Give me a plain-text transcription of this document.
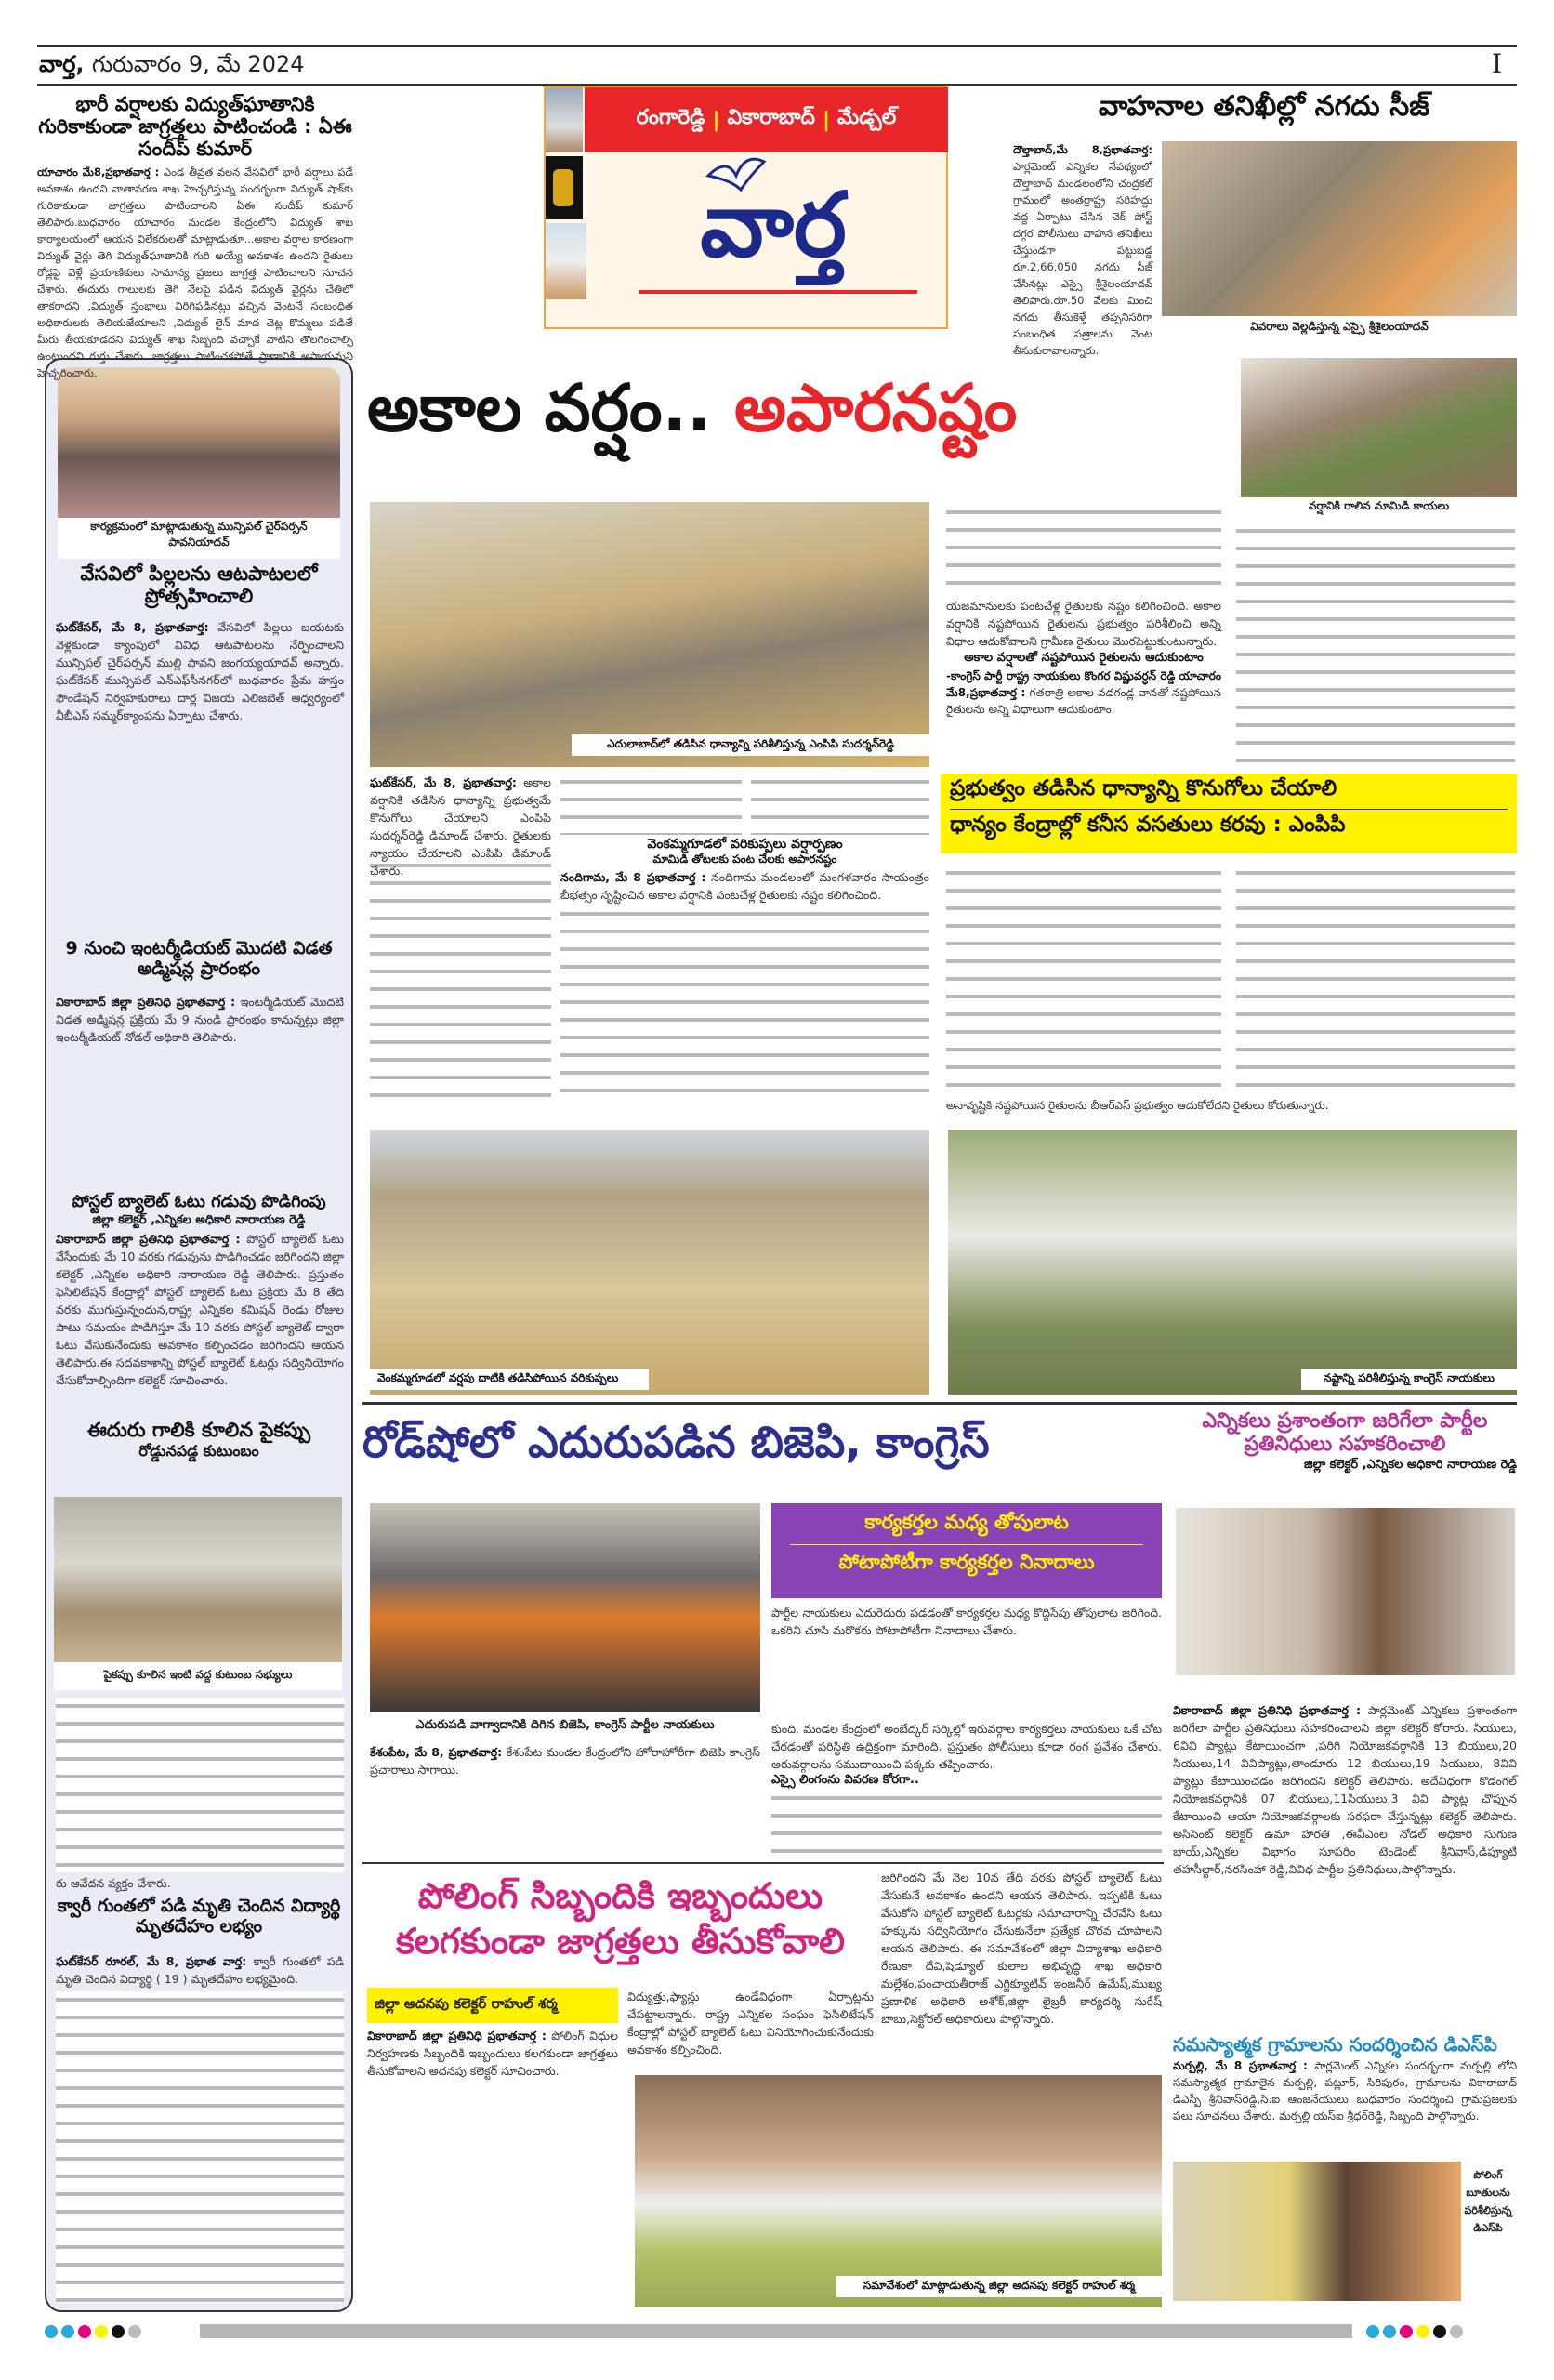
వార్త, గురువారం 9, మే 2024	I
భారీ వర్షాలకు విద్యుత్‌ఘాతానికి గురికాకుండా జాగ్రత్తలు పాటించండి : ఏఈ సందీప్ కుమార్
యాచారం మే8,ప్రభాతవార్త : ఎండ తీవ్రత వలన వేసవిలో భారీ వర్షాలు పడే అవకాశం ఉందని వాతావరణ శాఖ హెచ్చరిస్తున్న సందర్భంగా విద్యుత్ షాక్‌కు గురికాకుండా జాగ్రత్తలు పాటించాలని ఏఈ సందీప్ కుమార్ తెలిపారు.బుధవారం యాచారం మండల కేంద్రంలోని విద్యుత్ శాఖ కార్యాలయంలో ఆయన విలేకరులతో మాట్లాడుతూ...అకాల వర్షాల కారణంగా విద్యుత్ వైర్లు తెగి విద్యుత్‌ఘాతానికి గురి అయ్యే అవకాశం ఉందని రైతులు రోడ్లపై వెళ్లే ప్రయాణికులు సామాన్య ప్రజలు జాగ్రత్త పాటించాలని సూచన చేశారు. ఈదురు గాలులకు తెగి నేలపై పడిన విద్యుత్ వైర్లను చేతిలో తాకరాదని ,విద్యుత్ స్తంభాలు విరిగిపడినట్లు వచ్చిన వెంటనే సంబంధిత అధికారులకు తెలియజేయాలని ,విద్యుత్ లైన్ మాద చెట్ల కొమ్మలు పడితే మీరు తీయకూడదని విద్యుత్ శాఖ సిబ్బంది వచ్చాకే వాటిని తొలగించాల్సి ఉంటుందని గుర్తు చేశారు. జాగ్రత్తలు పాటించకపోతే ప్రాణానికి అపాయమని హెచ్చరించారు.
రంగారెడ్డి | వికారాబాద్ | మేడ్చల్
వార్త
వాహనాల తనిఖీల్లో నగదు సీజ్
దౌల్తాబాద్,మే 8,ప్రభాతవార్త: పార్లమెంట్ ఎన్నికల నేపథ్యంలో దౌల్తాబాద్ మండలంలోని చంద్రకల్ గ్రామంలో అంతర్రాష్ట్ర సరిహద్దు వద్ద ఏర్పాటు చేసిన చెక్ పోస్ట్ దగ్గర పోలీసులు వాహన తనిఖీలు చేస్తుండగా పట్టుబడ్డ రూ.2,66,050 నగదు సీజ్ చేసినట్లు ఎస్సై శ్రీశైలంయాదవ్ తెలిపారు.రూ.50 వేలకు మించి నగదు తీసుకెళ్తే తప్పనిసరిగా సంబంధిత పత్రాలను వెంట తీసుకురావాలన్నారు.
వివరాలు వెల్లడిస్తున్న ఎస్సై శ్రీశైలంయాదవ్
కార్యక్రమంలో మాట్లాడుతున్న మున్సిపల్ చైర్‌పర్సన్ పావనియాదవ్
వేసవిలో పిల్లలను ఆటపాటలలో ప్రోత్సహించాలి
ఘట్‌కేసర్, మే 8, ప్రభాతవార్త: వేసవిలో పిల్లలు బయటకు వెళ్లకుండా క్యాంపులో వివిధ ఆటపాటలను నేర్పించాలని మున్సిపల్ చైర్‌పర్సన్ ముల్లి పావని జంగయ్యయాదవ్ అన్నారు. ఘట్‌కేసర్ మున్సిపల్ ఎన్‌ఎఫ్‌సీనగర్‌లో బుధవారం ప్రేమ హస్తం ఫౌండేషన్ నిర్వహకురాలు దార్ల విజయ ఎలిజబెత్ ఆధ్వర్యంలో వీబీఎస్ సమ్మర్‌క్యాంపను ఏర్పాటు చేశారు.
9 నుంచి ఇంటర్మీడియట్ మొదటి విడత అడ్మిషన్ల ప్రారంభం
వికారాబాద్ జిల్లా ప్రతినిధి ప్రభాతవార్త : ఇంటర్మీడియట్ మొదటి విడత అడ్మిషన్ల ప్రక్రియ మే 9 నుండి ప్రారంభం కానున్నట్లు జిల్లా ఇంటర్మీడియట్ నోడల్ అధికారి తెలిపారు.
పోస్టల్ బ్యాలెట్ ఓటు గడువు పొడిగింపు
జిల్లా కలెక్టర్ ,ఎన్నికల అధికారి నారాయణ రెడ్డి
వికారాబాద్ జిల్లా ప్రతినిధి ప్రభాతవార్త : పోస్టల్ బ్యాలెట్ ఓటు వేసేందుకు మే 10 వరకు గడువును పొడిగించడం జరిగిందని జిల్లా కలెక్టర్ ,ఎన్నికల అధికారి నారాయణ రెడ్డి తెలిపారు. ప్రస్తుతం ఫెసిలిటేషన్ కేంద్రాల్లో పోస్టల్ బ్యాలెట్ ఓటు ప్రక్రియ మే 8 తేది వరకు ముగుస్తున్నందున,రాష్ట్ర ఎన్నికల కమిషన్ రెండు రోజుల పాటు సమయం పొడిగిస్తూ మే 10 వరకు పోస్టల్ బ్యాలెట్ ద్వారా ఓటు వేసుకునేందుకు అవకాశం కల్పించడం జరిగిందని ఆయన తెలిపారు.ఈ సదవకాశాన్ని పోస్టల్ బ్యాలెట్ ఓటర్లు సద్వినియోగం చేసుకోవాల్సిందిగా కలెక్టర్ సూచించారు.
ఈదురు గాలికి కూలిన పైకప్పు
రోడ్డునపడ్డ కుటుంబం
పైకప్పు కూలిన ఇంటి వద్ద కుటుంబ సభ్యులు
రు ఆవేదన వ్యక్తం చేశారు.
క్వారీ గుంతలో పడి మృతి చెందిన విద్యార్థి మృతదేహం లభ్యం
ఘట్‌కేసర్ రూరల్, మే 8, ప్రభాత వార్త: క్వారీ గుంతలో పడి మృతి చెందిన విద్యార్థి ( 19 ) మృతదేహం లభ్యమైంది.
అకాల వర్షం.. అపారనష్టం
వర్షానికి రాలిన మామిడి కాయలు
ఎదులాబాద్‌లో తడిసిన ధాన్యాన్ని పరిశీలిస్తున్న ఎంపిపి సుదర్శన్‌రెడ్డి
ఘట్‌కేసర్, మే 8, ప్రభాతవార్త: అకాల వర్షానికి తడిసిన ధాన్యాన్ని ప్రభుత్వమే కొనుగోలు చేయాలని ఎంపిపి సుదర్శన్‌రెడ్డి డిమాండ్ చేశారు. రైతులకు న్యాయం చేయాలని ఎంపిపి డిమాండ్ చేశారు.
వెంకమ్మగూడలో వరికుప్పలు వర్షార్పణం
మామిడి తోటలకు పంట చేలకు అపారనష్టం
నందిగామ, మే 8 ప్రభాతవార్త : నందిగామ మండలంలో మంగళవారం సాయంత్రం బీభత్సం సృష్టించిన అకాల వర్షానికి పంటచేళ్ల రైతులకు నష్టం కలిగించింది.
యజమానులకు పంటచేళ్ల రైతులకు నష్టం కలిగించింది. అకాల వర్షానికి నష్టపోయిన రైతులను ప్రభుత్వం పరిశీలించి అన్ని విధాల ఆదుకోవాలని గ్రామీణ రైతులు మొరపెట్టుకుంటున్నారు.
అకాల వర్షాలతో నష్టపోయిన రైతులను ఆదుకుంటాం
-కాంగ్రెస్ పార్టీ రాష్ట్ర నాయకులు కొంగర విష్ణువర్ధన్ రెడ్డి యాచారం మే8,ప్రభాతవార్త : గతరాత్రి అకాల వడగండ్ల వానతో నష్టపోయిన రైతులను అన్ని విధాలుగా ఆదుకుంటాం.
ప్రభుత్వం తడిసిన ధాన్యాన్ని కొనుగోలు చేయాలి
ధాన్యం కేంద్రాల్లో కనీస వసతులు కరవు : ఎంపిపి
అనావృష్టికి నష్టపోయిన రైతులను బీఆర్ఎస్ ప్రభుత్వం ఆదుకోలేదని రైతులు కోరుతున్నారు.
వెంకమ్మగూడలో వర్షపు దాటికి తడిసిపోయిన వరికుప్పలు	నష్టాన్ని పరిశీలిస్తున్న కాంగ్రెస్ నాయకులు
రోడ్‌షోలో ఎదురుపడిన బిజెపి, కాంగ్రెస్
ఎదురుపడి వాగ్వాదానికి దిగిన బిజెపి, కాంగ్రెస్ పార్టీల నాయకులు
కార్యకర్తల మధ్య తోపులాట
పోటాపోటీగా కార్యకర్తల నినాదాలు
పార్టీల నాయకులు ఎదురెదురు పడడంతో కార్యకర్తల మధ్య కొద్దిసేపు తోపులాట జరిగింది. ఒకరిని చూసి మరొకరు పోటాపోటీగా నినాదాలు చేశారు.
కేశంపేట, మే 8, ప్రభాతవార్త: కేశంపేట మండల కేంద్రంలోని హోరాహోరీగా బిజెపి కాంగ్రెస్ ప్రచారాలు సాగాయి.
కుంది. మండల కేంద్రంలో అంబేద్కర్ సర్కిల్లో ఇరువర్గాల కార్యకర్తలు నాయకులు ఒకే చోట చేరడంతో పరిస్థితి ఉద్రిక్తంగా మారింది. ప్రస్తుతం పోలీసులు కూడా రంగ ప్రవేశం చేశారు. అరువర్గాలను సముదాయించి పక్కకు తప్పించారు.
ఎస్సై లింగంను వివరణ కోరగా..
ఎన్నికలు ప్రశాంతంగా జరిగేలా పార్టీల ప్రతినిధులు సహకరించాలి
జిల్లా కలెక్టర్ ,ఎన్నికల అధికారి నారాయణ రెడ్డి
వికారాబాద్ జిల్లా ప్రతినిధి ప్రభాతవార్త : పార్లమెంట్ ఎన్నికలు ప్రశాంతంగా జరిగేలా పార్టీల ప్రతినిధులు సహకరించాలని జిల్లా కలెక్టర్ కోరారు. సియులు, 6వివి ప్యాట్లు కేటాయించగా ,పరిగి నియోజకవర్గానికి 13 బియులు,20 సియులు,14 వివిప్యాట్లు,తాండూరు 12 బియులు,19 సియులు, 8వివి ప్యాట్లు కేటాయించడం జరిగిందని కలెక్టర్ తెలిపారు. అదేవిధంగా కొడంగల్ నియోజకవర్గానికి 07 బియులు,11సియులు,3 వివి ప్యాట్ల చొప్పున కేటాయించి ఆయా నియోజకవర్గాలకు సరఫరా చేస్తున్నట్లు కలెక్టర్ తెలిపారు. అసిసెంట్ కలెక్టర్ ఉమా హారతి ,ఈవీఎంల నోడల్ అధికారి సుగుణ బాయ్,ఎన్నికల విభాగం సూపరిం టెండెంట్ శ్రీనివాస్,డిప్యూటి తహసీల్దార్,నరసింహా రెడ్డి,వివిధ పార్టీల ప్రతినిధులు,పాల్గొన్నారు.
పోలింగ్ సిబ్బందికి ఇబ్బందులు కలగకుండా జాగ్రత్తలు తీసుకోవాలి
జిల్లా అదనపు కలెక్టర్ రాహుల్ శర్మ
వికారాబాద్ జిల్లా ప్రతినిధి ప్రభాతవార్త : పోలింగ్ విధుల నిర్వహణకు సిబ్బందికి ఇబ్బందులు కలగకుండా జాగ్రత్తలు తీసుకోవాలని అదనపు కలెక్టర్ సూచించారు.
విద్యుత్తు,ఫ్యాన్లు ఉండేవిధంగా ఏర్పాట్లను చేపట్టాలన్నారు. రాష్ట్ర ఎన్నికల సంఘం ఫెసిలిటేషన్ కేంద్రాల్లో పోస్టల్ బ్యాలెట్ ఓటు వినియోగించుకునేందుకు అవకాశం కల్పించింది.
జరిగిందని మే నెల 10వ తేది వరకు పోస్టల్ బ్యాలెట్ ఓటు వేసుకునే అవకాశం ఉందని ఆయన తెలిపారు. ఇప్పటికి ఓటు వేసుకోని పోస్టల్ బ్యాలెట్ ఓటర్లకు సమాచారాన్ని చేరవేసి ఓటు హక్కును సద్వినియోగం చేసుకునేలా ప్రత్యేక చొరవ చూపాలని ఆయన తెలిపారు. ఈ సమావేశంలో జిల్లా విద్యాశాఖ అధికారి రేణుకా దేవి,షెడ్యూల్ కులాల అభివృద్ధి శాఖ అధికారి మల్లేశం,పంచాయతీరాజ్ ఎగ్జిక్యూటివ్ ఇంజనీర్ ఉమేష్,ముఖ్య ప్రణాళిక అధికారి అశోక్,జిల్లా లైబ్రరీ కార్యదర్శి సురేష్ బాబు,సెక్టోరల్ అధికారులు పాల్గొన్నారు.
సమావేశంలో మాట్లాడుతున్న జిల్లా అదనపు కలెక్టర్ రాహుల్ శర్మ
సమస్యాత్మక గ్రామాలను సందర్శించిన డిఎస్‌పి
మర్పల్లి, మే 8 ప్రభాతవార్త : పార్లమెంట్ ఎన్నికల సందర్భంగా మర్పల్లి లోని సమస్యాత్మక గ్రామాలైన మర్పల్లి, పట్లూర్, సిరిపురం, గ్రామాలను వికారాబాద్ డిఎస్పీ శ్రీనివాస్‌రెడ్డి,సి.ఐ ఆంజనేయులు బుధవారం సందర్శించి గ్రామప్రజలకు పలు సూచనలు చేశారు. మర్పల్లి యస్ఐ శ్రీధర్‌రెడ్డి, సిబ్బంది పాల్గొన్నారు.
పోలింగ్ బూతులను పరిశీలిస్తున్న డిఎస్‌పి
